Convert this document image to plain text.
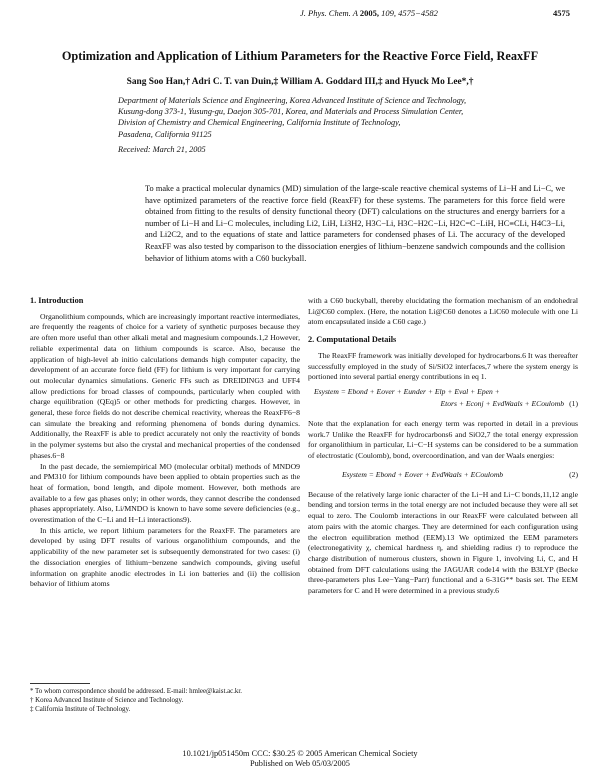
J. Phys. Chem. A 2005, 109, 4575−4582	4575
Optimization and Application of Lithium Parameters for the Reactive Force Field, ReaxFF
Sang Soo Han,† Adri C. T. van Duin,‡ William A. Goddard III,‡ and Hyuck Mo Lee*,†
Department of Materials Science and Engineering, Korea Advanced Institute of Science and Technology,
Kusung-dong 373-1, Yusung-gu, Daejon 305-701, Korea, and Materials and Process Simulation Center,
Division of Chemistry and Chemical Engineering, California Institute of Technology,
Pasadena, California 91125
Received: March 21, 2005
To make a practical molecular dynamics (MD) simulation of the large-scale reactive chemical systems of Li−H and Li−C, we have optimized parameters of the reactive force field (ReaxFF) for these systems. The parameters for this force field were obtained from fitting to the results of density functional theory (DFT) calculations on the structures and energy barriers for a number of Li−H and Li−C molecules, including Li2, LiH, Li3H2, H3C−Li, H3C−H2C−Li, H2C=C−LiH, HC≡CLi, H4C3−Li, and Li2C2, and to the equations of state and lattice parameters for condensed phases of Li. The accuracy of the developed ReaxFF was also tested by comparison to the dissociation energies of lithium−benzene sandwich compounds and the collision behavior of lithium atoms with a C60 buckyball.
1. Introduction

Organolithium compounds, which are increasingly important reactive intermediates, are frequently the reagents of choice for a variety of synthetic purposes because they are often more useful than other alkali metal and magnesium compounds.1,2 However, reliable experimental data on lithium compounds is scarce. Also, because the application of high-level ab initio calculations demands high computer capacity, the development of an accurate force field (FF) for lithium is very important for carrying out molecular dynamics simulations. Generic FFs such as DREIDING3 and UFF4 allow predictions for broad classes of compounds, particularly when coupled with charge equilibration (QEq)5 or other methods for predicting charges. However, in general, these force fields do not describe chemical reactivity, whereas the ReaxFF6−8 can simulate the breaking and reforming phenomena of bonds during dynamics. Additionally, the ReaxFF is able to predict accurately not only the reactivity of bonds in the polymer systems but also the crystal and mechanical properties of the condensed phases.6−8

In the past decade, the semiempirical MO (molecular orbital) methods of MNDO9 and PM310 for lithium compounds have been applied to obtain properties such as the heat of formation, bond length, and dipole moment. However, both methods are available to a few gas phases only; in other words, they cannot describe the condensed phases appropriately. Also, Li/MNDO is known to have some severe deficiencies (e.g., overestimation of the C−Li and H−Li interactions9).

In this article, we report lithium parameters for the ReaxFF. The parameters are developed by using DFT results of various organolithium compounds, and the applicability of the new parameter set is subsequently demonstrated for two cases: (i) the dissociation energies of lithium−benzene sandwich compounds, giving useful information on graphite anodic electrodes in Li ion batteries and (ii) the collision behavior of lithium atoms

with a C60 buckyball, thereby elucidating the formation mechanism of an endohedral Li@C60 complex. (Here, the notation Li@C60 denotes a LiC60 molecule with one Li atom encapsulated inside a C60 cage.)

2. Computational Details

The ReaxFF framework was initially developed for hydrocarbons.6 It was thereafter successfully employed in the study of Si/SiO2 interfaces,7 where the system energy is portioned into several partial energy contributions in eq 1.

Esystem = Ebond + Eover + Eunder + Elp + Eval + Epen +
Etors + Econj + EvdWaals + ECoulomb (1)

Note that the explanation for each energy term was reported in detail in a previous work.7 Unlike the ReaxFF for hydrocarbons6 and SiO2,7 the total energy expression for organolithium in particular, Li−C−H systems can be considered to be a summation of electrostatic (Coulomb), bond, overcoordination, and van der Waals energies:

Esystem = Ebond + Eover + EvdWaals + ECoulomb	(2)

Because of the relatively large ionic character of the Li−H and Li−C bonds,11,12 angle bending and torsion terms in the total energy are not included because they were all set equal to zero. The Coulomb interactions in our ReaxFF were calculated between all atom pairs with the atomic charges. They are determined for each configuration using the electron equilibration method (EEM).13 We optimized the EEM parameters (electronegativity χ, chemical hardness η, and shielding radius r) to reproduce the charge distribution of numerous clusters, shown in Figure 1, involving Li, C, and H obtained from DFT calculations using the JAGUAR code14 with the B3LYP (Becke three-parameters plus Lee−Yang−Parr) functional and a 6-31G** basis set. The EEM parameters for C and H were determined in a previous study.6

* To whom correspondence should be addressed. E-mail: hmlee@kaist.ac.kr.
† Korea Advanced Institute of Science and Technology.
‡ California Institute of Technology.
10.1021/jp051450m CCC: $30.25 © 2005 American Chemical Society
Published on Web 05/03/2005
